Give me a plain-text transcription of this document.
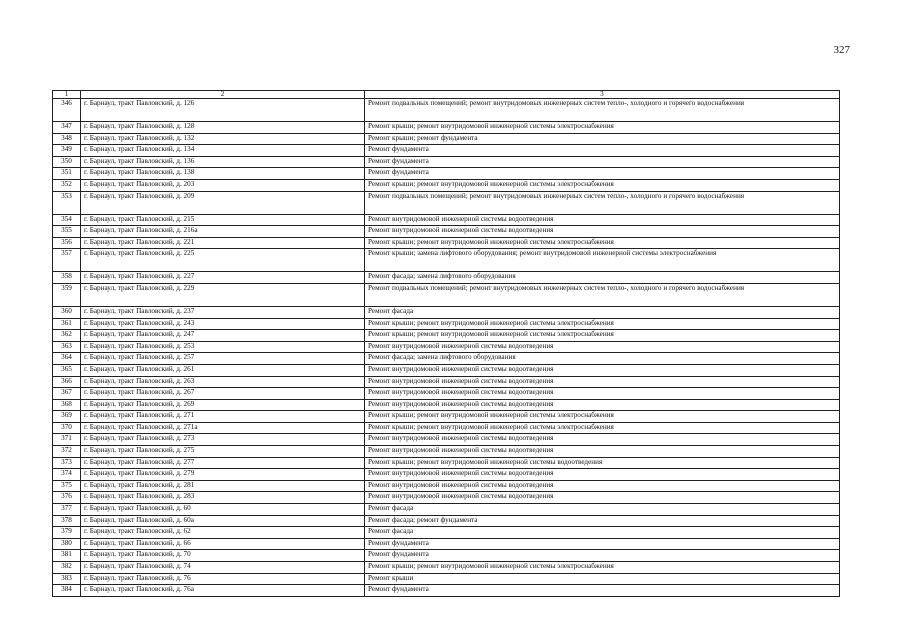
327
1	2	3
346	г. Барнаул, тракт Павловский, д. 126	Ремонт подвальных помещений; ремонт внутридомовых инженерных систем тепло-, холодного и горячего водоснабжения
347	г. Барнаул, тракт Павловский, д. 128	Ремонт крыши; ремонт внутридомовой инженерной системы электроснабжения
348	г. Барнаул, тракт Павловский, д. 132	Ремонт крыши; ремонт фундамента
349	г. Барнаул, тракт Павловский, д. 134	Ремонт фундамента
350	г. Барнаул, тракт Павловский, д. 136	Ремонт фундамента
351	г. Барнаул, тракт Павловский, д. 138	Ремонт фундамента
352	г. Барнаул, тракт Павловский, д. 203	Ремонт крыши; ремонт внутридомовой инженерной системы электроснабжения
353	г. Барнаул, тракт Павловский, д. 209	Ремонт подвальных помещений; ремонт внутридомовых инженерных систем тепло-, холодного и горячего водоснабжения
354	г. Барнаул, тракт Павловский, д. 215	Ремонт внутридомовой инженерной системы водоотведения
355	г. Барнаул, тракт Павловский, д. 216а	Ремонт внутридомовой инженерной системы водоотведения
356	г. Барнаул, тракт Павловский, д. 221	Ремонт крыши; ремонт внутридомовой инженерной системы электроснабжения
357	г. Барнаул, тракт Павловский, д. 225	Ремонт крыши; замена лифтового оборудования; ремонт внутридомовой инженерной системы электроснабжения
358	г. Барнаул, тракт Павловский, д. 227	Ремонт фасада; замена лифтового оборудования
359	г. Барнаул, тракт Павловский, д. 229	Ремонт подвальных помещений; ремонт внутридомовых инженерных систем тепло-, холодного и горячего водоснабжения
360	г. Барнаул, тракт Павловский, д. 237	Ремонт фасада
361	г. Барнаул, тракт Павловский, д. 243	Ремонт крыши; ремонт внутридомовой инженерной системы электроснабжения
362	г. Барнаул, тракт Павловский, д. 247	Ремонт крыши; ремонт внутридомовой инженерной системы электроснабжения
363	г. Барнаул, тракт Павловский, д. 253	Ремонт внутридомовой инженерной системы водоотведения
364	г. Барнаул, тракт Павловский, д. 257	Ремонт фасада; замена лифтового оборудования
365	г. Барнаул, тракт Павловский, д. 261	Ремонт внутридомовой инженерной системы водоотведения
366	г. Барнаул, тракт Павловский, д. 263	Ремонт внутридомовой инженерной системы водоотведения
367	г. Барнаул, тракт Павловский, д. 267	Ремонт внутридомовой инженерной системы водоотведения
368	г. Барнаул, тракт Павловский, д. 269	Ремонт внутридомовой инженерной системы водоотведения
369	г. Барнаул, тракт Павловский, д. 271	Ремонт крыши; ремонт внутридомовой инженерной системы электроснабжения
370	г. Барнаул, тракт Павловский, д. 271а	Ремонт крыши; ремонт внутридомовой инженерной системы электроснабжения
371	г. Барнаул, тракт Павловский, д. 273	Ремонт внутридомовой инженерной системы водоотведения
372	г. Барнаул, тракт Павловский, д. 275	Ремонт внутридомовой инженерной системы водоотведения
373	г. Барнаул, тракт Павловский, д. 277	Ремонт крыши; ремонт внутридомовой инженерной системы водоотведения
374	г. Барнаул, тракт Павловский, д. 279	Ремонт внутридомовой инженерной системы водоотведения
375	г. Барнаул, тракт Павловский, д. 281	Ремонт внутридомовой инженерной системы водоотведения
376	г. Барнаул, тракт Павловский, д. 283	Ремонт внутридомовой инженерной системы водоотведения
377	г. Барнаул, тракт Павловский, д. 60	Ремонт фасада
378	г. Барнаул, тракт Павловский, д. 60а	Ремонт фасада; ремонт фундамента
379	г. Барнаул, тракт Павловский, д. 62	Ремонт фасада
380	г. Барнаул, тракт Павловский, д. 66	Ремонт фундамента
381	г. Барнаул, тракт Павловский, д. 70	Ремонт фундамента
382	г. Барнаул, тракт Павловский, д. 74	Ремонт крыши; ремонт внутридомовой инженерной системы электроснабжения
383	г. Барнаул, тракт Павловский, д. 76	Ремонт крыши
384	г. Барнаул, тракт Павловский, д. 76а	Ремонт фундамента
